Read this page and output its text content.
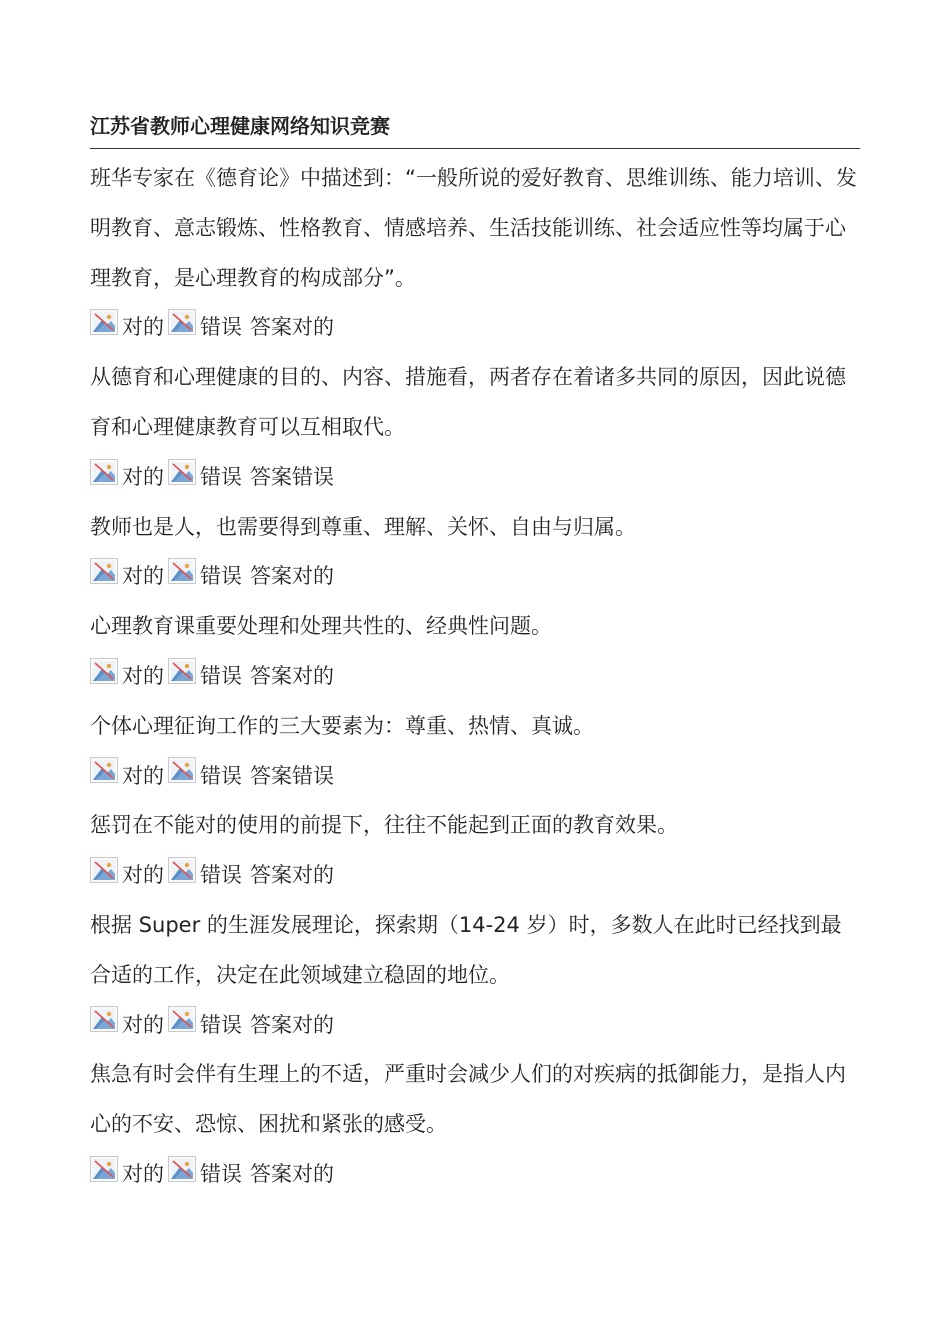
江苏省教师心理健康网络知识竞赛

班华专家在《德育论》中描述到：“一般所说的爱好教育、思维训练、能力培训、发明教育、意志锻炼、性格教育、情感培养、生活技能训练、社会适应性等均属于心理教育，是心理教育的构成部分”。

对的 错误 答案对的

从德育和心理健康的目的、内容、措施看，两者存在着诸多共同的原因，因此说德育和心理健康教育可以互相取代。

对的 错误 答案错误

教师也是人，也需要得到尊重、理解、关怀、自由与归属。

对的 错误 答案对的

心理教育课重要处理和处理共性的、经典性问题。

对的 错误 答案对的

个体心理征询工作的三大要素为：尊重、热情、真诚。

对的 错误 答案错误

惩罚在不能对的使用的前提下，往往不能起到正面的教育效果。

对的 错误 答案对的

根据 Super 的生涯发展理论，探索期（14-24 岁）时，多数人在此时已经找到最合适的工作，决定在此领域建立稳固的地位。

对的 错误 答案对的

焦急有时会伴有生理上的不适，严重时会减少人们的对疾病的抵御能力，是指人内心的不安、恐惊、困扰和紧张的感受。

对的 错误 答案对的
